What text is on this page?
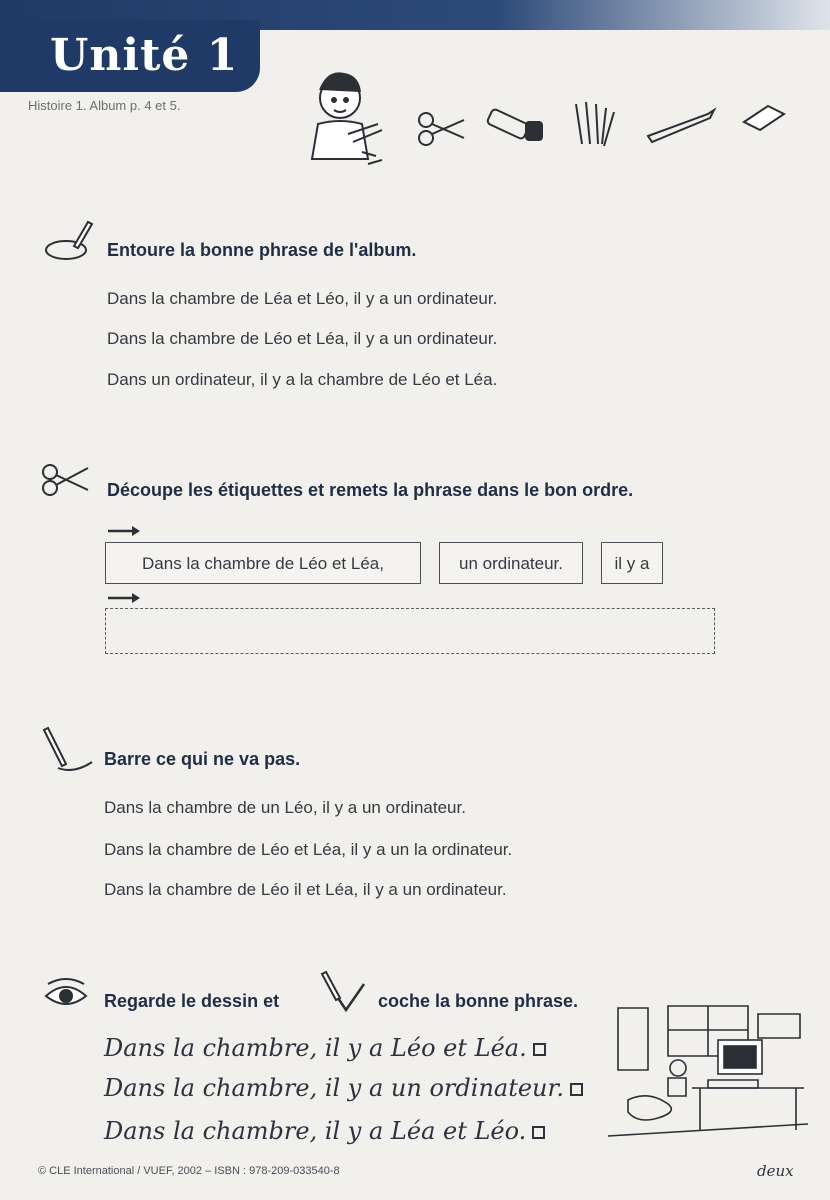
Unité 1
Histoire 1. Album p. 4 et 5.
Entoure la bonne phrase de l'album.
Dans la chambre de Léa et Léo, il y a un ordinateur.
Dans la chambre de Léo et Léa, il y a un ordinateur.
Dans un ordinateur, il y a la chambre de Léo et Léa.
Découpe les étiquettes et remets la phrase dans le bon ordre.
Dans la chambre de Léo et Léa,	un ordinateur.	il y a
Barre ce qui ne va pas.
Dans la chambre de un Léo, il y a un ordinateur.
Dans la chambre de Léo et Léa, il y a un la ordinateur.
Dans la chambre de Léo il et Léa, il y a un ordinateur.
Regarde le dessin et	coche la bonne phrase.
Dans la chambre, il y a Léo et Léa.
Dans la chambre, il y a un ordinateur.
Dans la chambre, il y a Léa et Léo.
© CLE International / VUEF, 2002 – ISBN : 978-209-033540-8	deux
